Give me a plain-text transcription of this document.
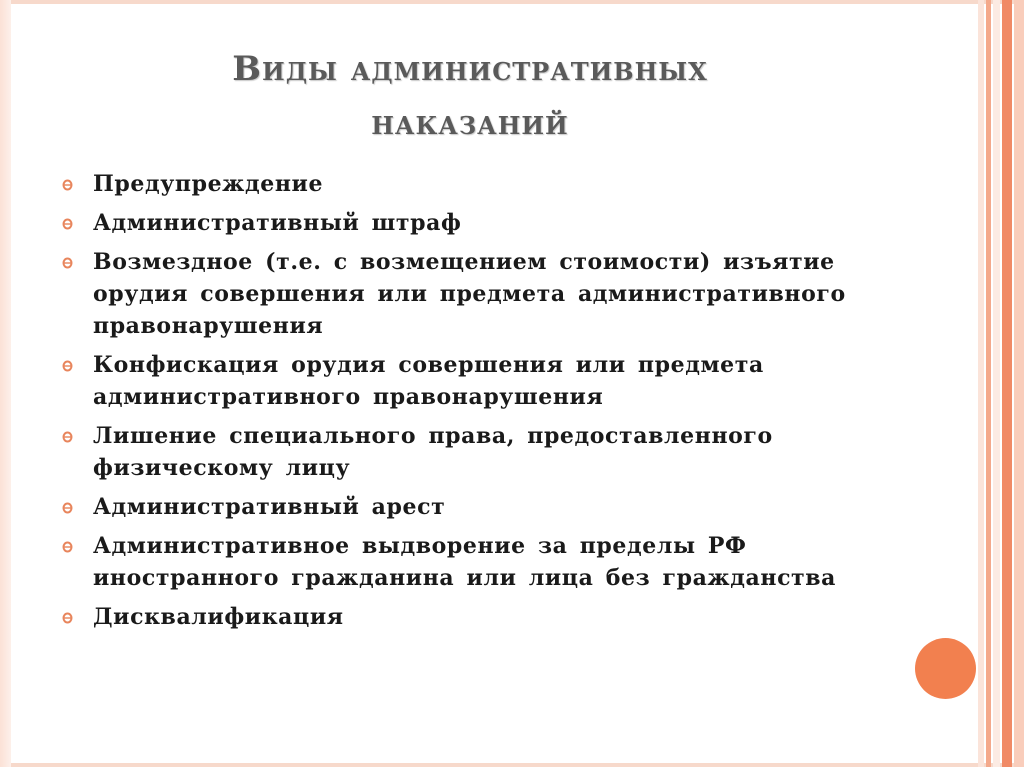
Виды административных
наказаний
Предупреждение
Административный штраф
Возмездное (т.е. с возмещением стоимости) изъятие орудия совершения или предмета административного правонарушения
Конфискация орудия совершения или предмета административного правонарушения
Лишение специального права, предоставленного физическому лицу
Административный арест
Административное выдворение за пределы РФ иностранного гражданина или лица без гражданства
Дисквалификация
